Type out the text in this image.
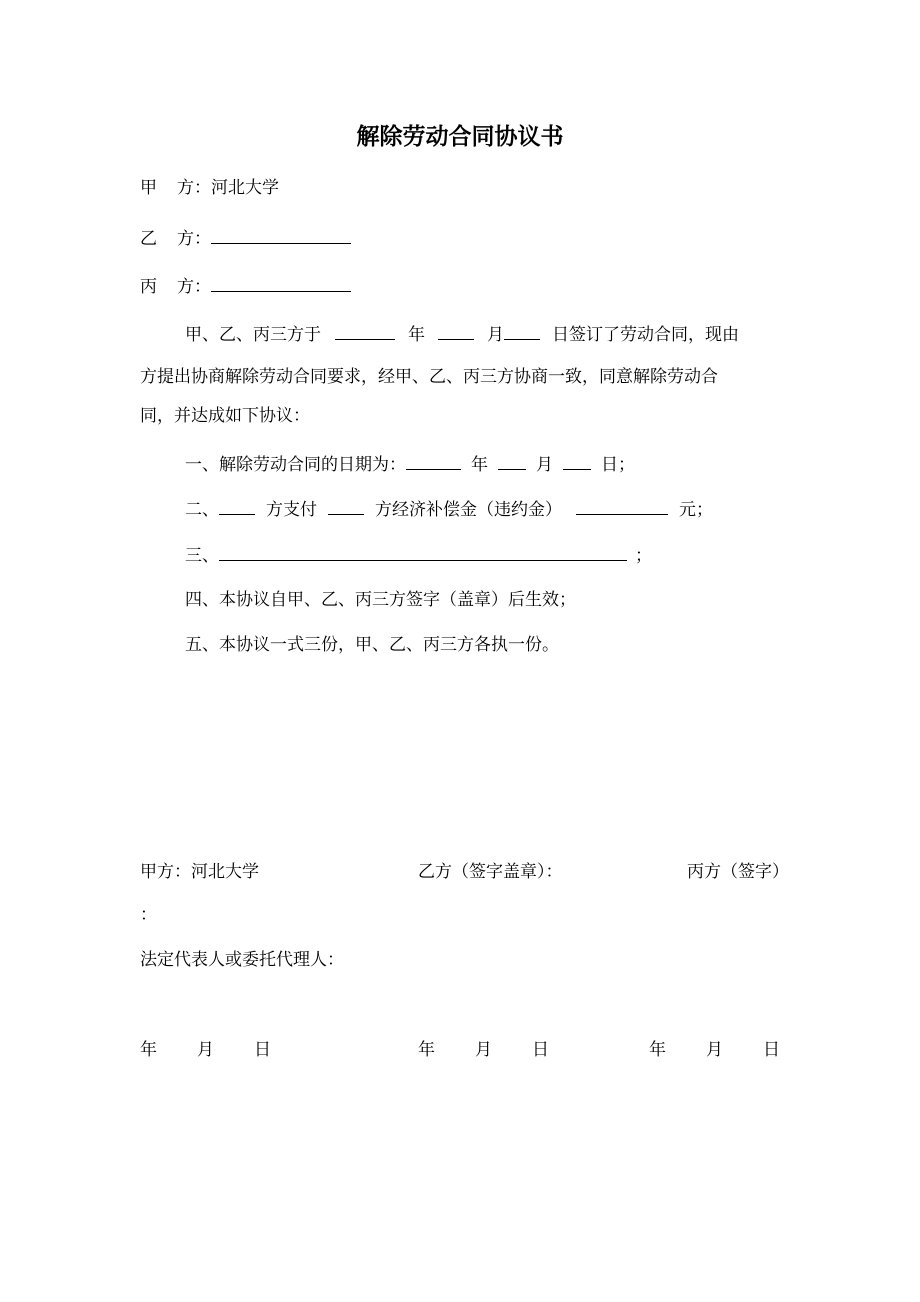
解除劳动合同协议书
甲 方：河北大学
乙 方：
丙 方：
甲、乙、丙三方于	年	月	日签订了劳动合同，现由
方提出协商解除劳动合同要求，经甲、乙、丙三方协商一致，同意解除劳动合
同，并达成如下协议：
一、解除劳动合同的日期为：	年	月	日；
二、	方支付	方经济补偿金（违约金）	元；
三、	；
四、本协议自甲、乙、丙三方签字（盖章）后生效；
五、本协议一式三份，甲、乙、丙三方各执一份。
甲方：河北大学	乙方（签字盖章）：	丙方（签字）
：
法定代表人或委托代理人：
年 月 日	年 月 日	年 月 日
